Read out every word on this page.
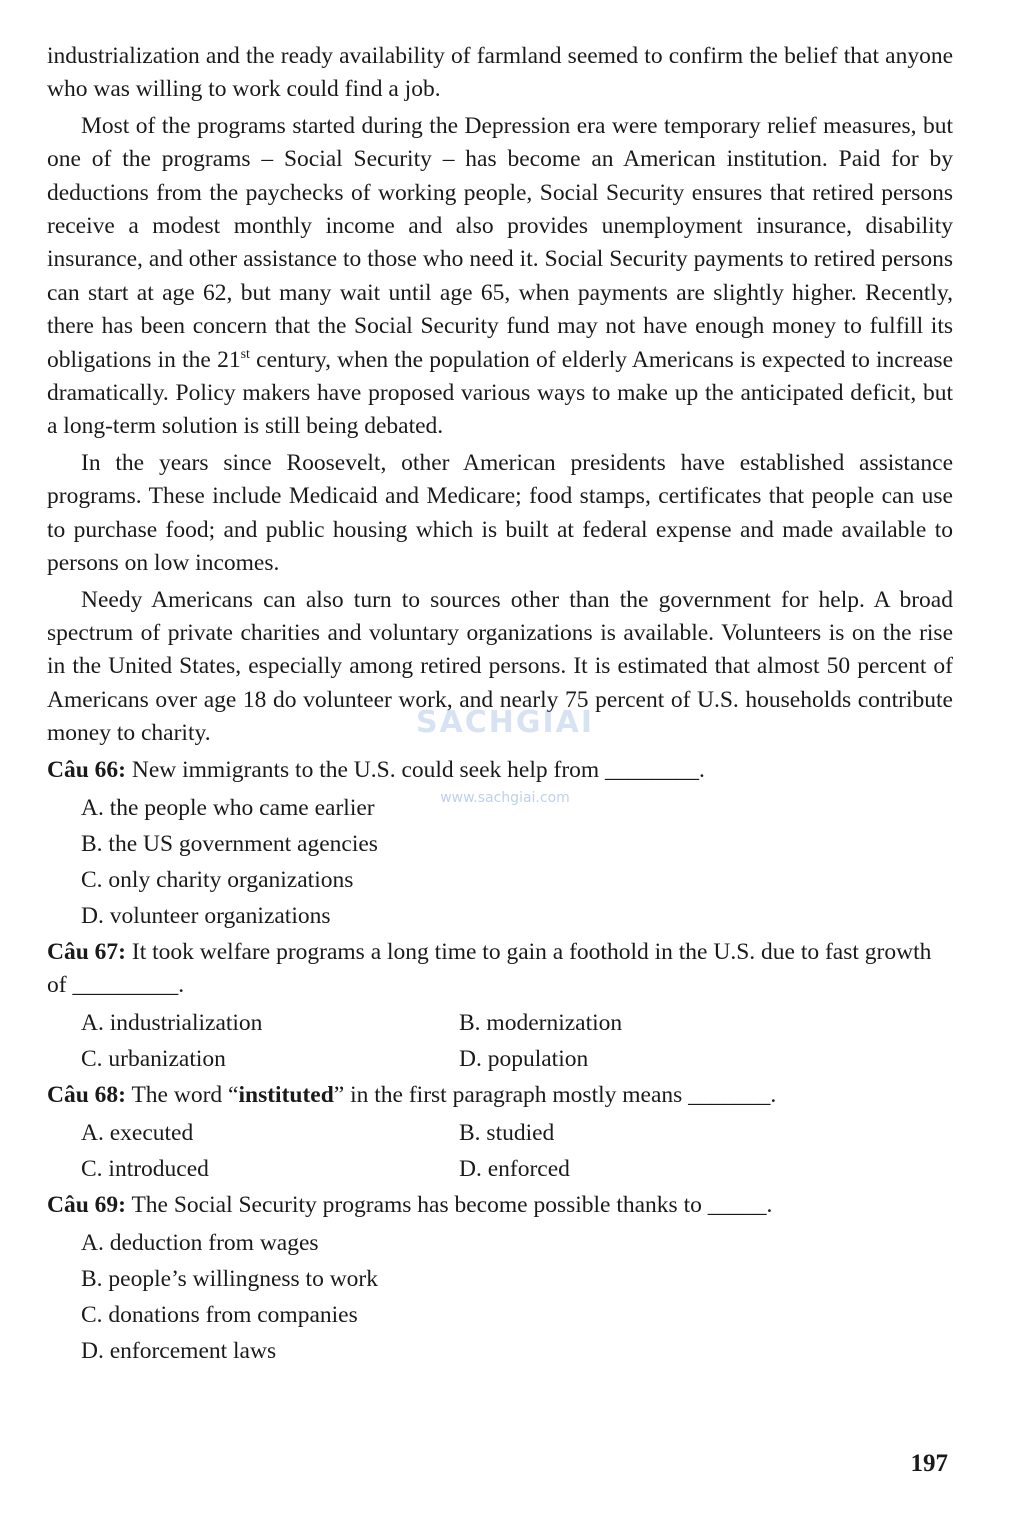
industrialization and the ready availability of farmland seemed to confirm the belief that anyone who was willing to work could find a job.

Most of the programs started during the Depression era were temporary relief measures, but one of the programs – Social Security – has become an American institution. Paid for by deductions from the paychecks of working people, Social Security ensures that retired persons receive a modest monthly income and also provides unemployment insurance, disability insurance, and other assistance to those who need it. Social Security payments to retired persons can start at age 62, but many wait until age 65, when payments are slightly higher. Recently, there has been concern that the Social Security fund may not have enough money to fulfill its obligations in the 21st century, when the population of elderly Americans is expected to increase dramatically. Policy makers have proposed various ways to make up the anticipated deficit, but a long-term solution is still being debated.

In the years since Roosevelt, other American presidents have established assistance programs. These include Medicaid and Medicare; food stamps, certificates that people can use to purchase food; and public housing which is built at federal expense and made available to persons on low incomes.

Needy Americans can also turn to sources other than the government for help. A broad spectrum of private charities and voluntary organizations is available. Volunteers is on the rise in the United States, especially among retired persons. It is estimated that almost 50 percent of Americans over age 18 do volunteer work, and nearly 75 percent of U.S. households contribute money to charity.

Câu 66: New immigrants to the U.S. could seek help from ________.
A. the people who came earlier
B. the US government agencies
C. only charity organizations
D. volunteer organizations
Câu 67: It took welfare programs a long time to gain a foothold in the U.S. due to fast growth of _________.
A. industrialization	B. modernization
C. urbanization	D. population
Câu 68: The word “instituted” in the first paragraph mostly means _______.
A. executed	B. studied
C. introduced	D. enforced
Câu 69: The Social Security programs has become possible thanks to _____.
A. deduction from wages
B. people’s willingness to work
C. donations from companies
D. enforcement laws
SACHGIAI
www.sachgiai.com
197
